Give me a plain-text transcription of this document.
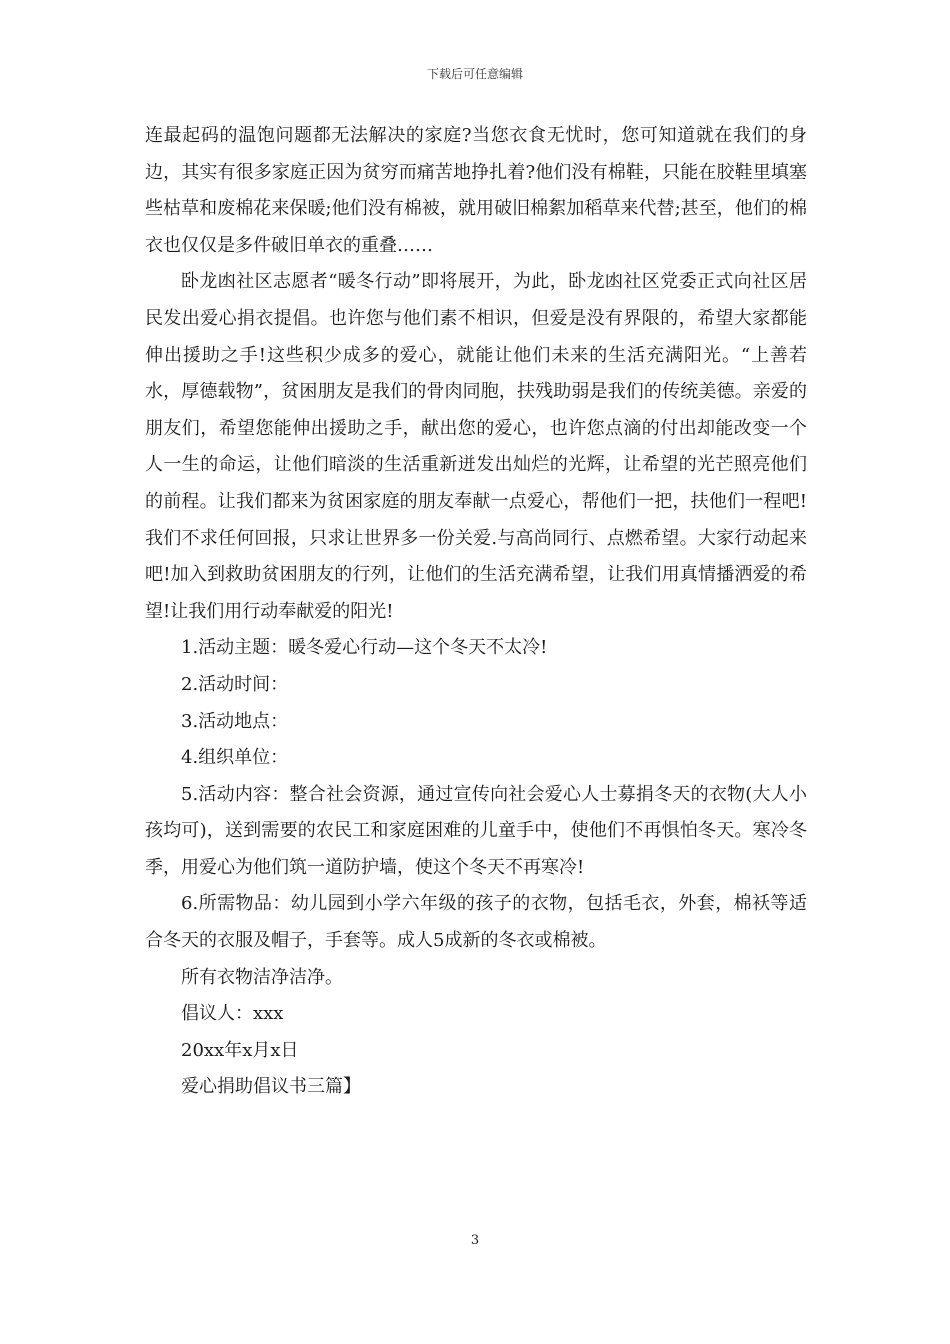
下载后可任意编辑

连最起码的温饱问题都无法解决的家庭?当您衣食无忧时，您可知道就在我们的身边，其实有很多家庭正因为贫穷而痛苦地挣扎着?他们没有棉鞋，只能在胶鞋里填塞些枯草和废棉花来保暖;他们没有棉被，就用破旧棉絮加稻草来代替;甚至，他们的棉衣也仅仅是多件破旧单衣的重叠……

卧龙凼社区志愿者“暖冬行动”即将展开，为此，卧龙凼社区党委正式向社区居民发出爱心捐衣提倡。也许您与他们素不相识，但爱是没有界限的，希望大家都能伸出援助之手!这些积少成多的爱心，就能让他们未来的生活充满阳光。“上善若水，厚德载物”，贫困朋友是我们的骨肉同胞，扶残助弱是我们的传统美德。亲爱的朋友们，希望您能伸出援助之手，献出您的爱心，也许您点滴的付出却能改变一个人一生的命运，让他们暗淡的生活重新迸发出灿烂的光辉，让希望的光芒照亮他们的前程。让我们都来为贫困家庭的朋友奉献一点爱心，帮他们一把，扶他们一程吧!我们不求任何回报，只求让世界多一份关爱.与高尚同行、点燃希望。大家行动起来吧!加入到救助贫困朋友的行列，让他们的生活充满希望，让我们用真情播洒爱的希望!让我们用行动奉献爱的阳光!

1.活动主题：暖冬爱心行动—这个冬天不太冷!

2.活动时间：

3.活动地点：

4.组织单位：

5.活动内容：整合社会资源，通过宣传向社会爱心人士募捐冬天的衣物(大人小孩均可)，送到需要的农民工和家庭困难的儿童手中，使他们不再惧怕冬天。寒冷冬季，用爱心为他们筑一道防护墙，使这个冬天不再寒冷!

6.所需物品：幼儿园到小学六年级的孩子的衣物，包括毛衣，外套，棉袄等适合冬天的衣服及帽子，手套等。成人5成新的冬衣或棉被。

所有衣物洁净洁净。

倡议人：xxx

20xx年x月x日

爱心捐助倡议书三篇】

3
